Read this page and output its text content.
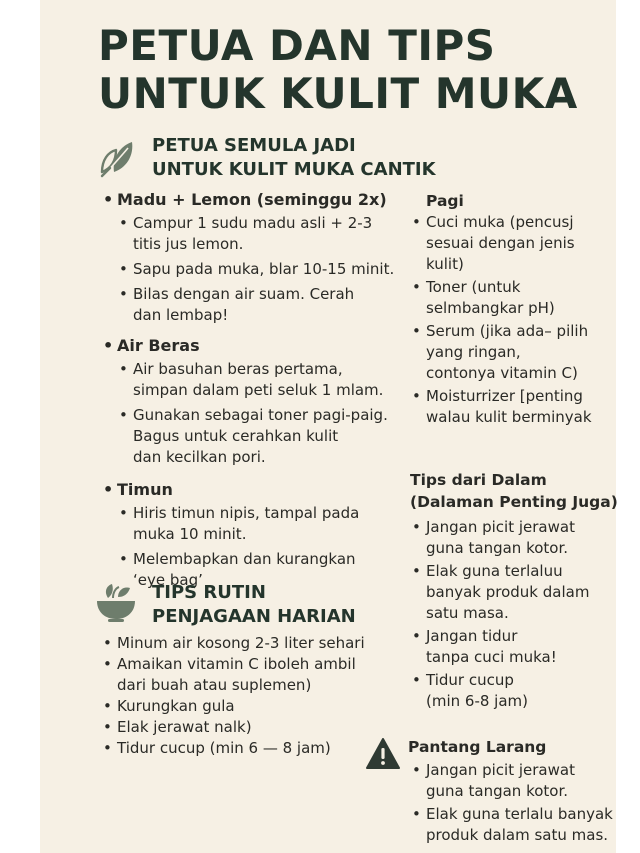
PETUA DAN TIPS
UNTUK KULIT MUKA
PETUA SEMULA JADI
UNTUK KULIT MUKA CANTIK
• Madu + Lemon (seminggu 2x)
• Campur 1 sudu madu asli + 2-3
titis jus lemon.
• Sapu pada muka, blar 10-15 minit.
• Bilas dengan air suam. Cerah
dan lembap!
• Air Beras
• Air basuhan beras pertama,
simpan dalam peti seluk 1 mlam.
• Gunakan sebagai toner pagi-paig.
Bagus untuk cerahkan kulit
dan kecilkan pori.
• Timun
• Hiris timun nipis, tampal pada
muka 10 minit.
• Melembapkan dan kurangkan
‘eye bag’
TIPS RUTIN
PENJAGAAN HARIAN
• Minum air kosong 2-3 liter sehari
• Amaikan vitamin C iboleh ambil
dari buah atau suplemen)
• Kurungkan gula
• Elak jerawat nalk)
• Tidur cucup (min 6 — 8 jam)
Pagi
• Cuci muka (pencusj
sesuai dengan jenis
kulit)
• Toner (untuk
selmbangkar pH)
• Serum (jika ada– pilih
yang ringan,
contonya vitamin C)
• Moisturrizer [penting
walau kulit berminyak
Tips dari Dalam
(Dalaman Penting Juga)
• Jangan picit jerawat
guna tangan kotor.
• Elak guna terlaluu
banyak produk dalam
satu masa.
• Jangan tidur
tanpa cuci muka!
• Tidur cucup
(min 6-8 jam)
Pantang Larang
• Jangan picit jerawat
guna tangan kotor.
• Elak guna terlalu banyak
produk dalam satu mas.
